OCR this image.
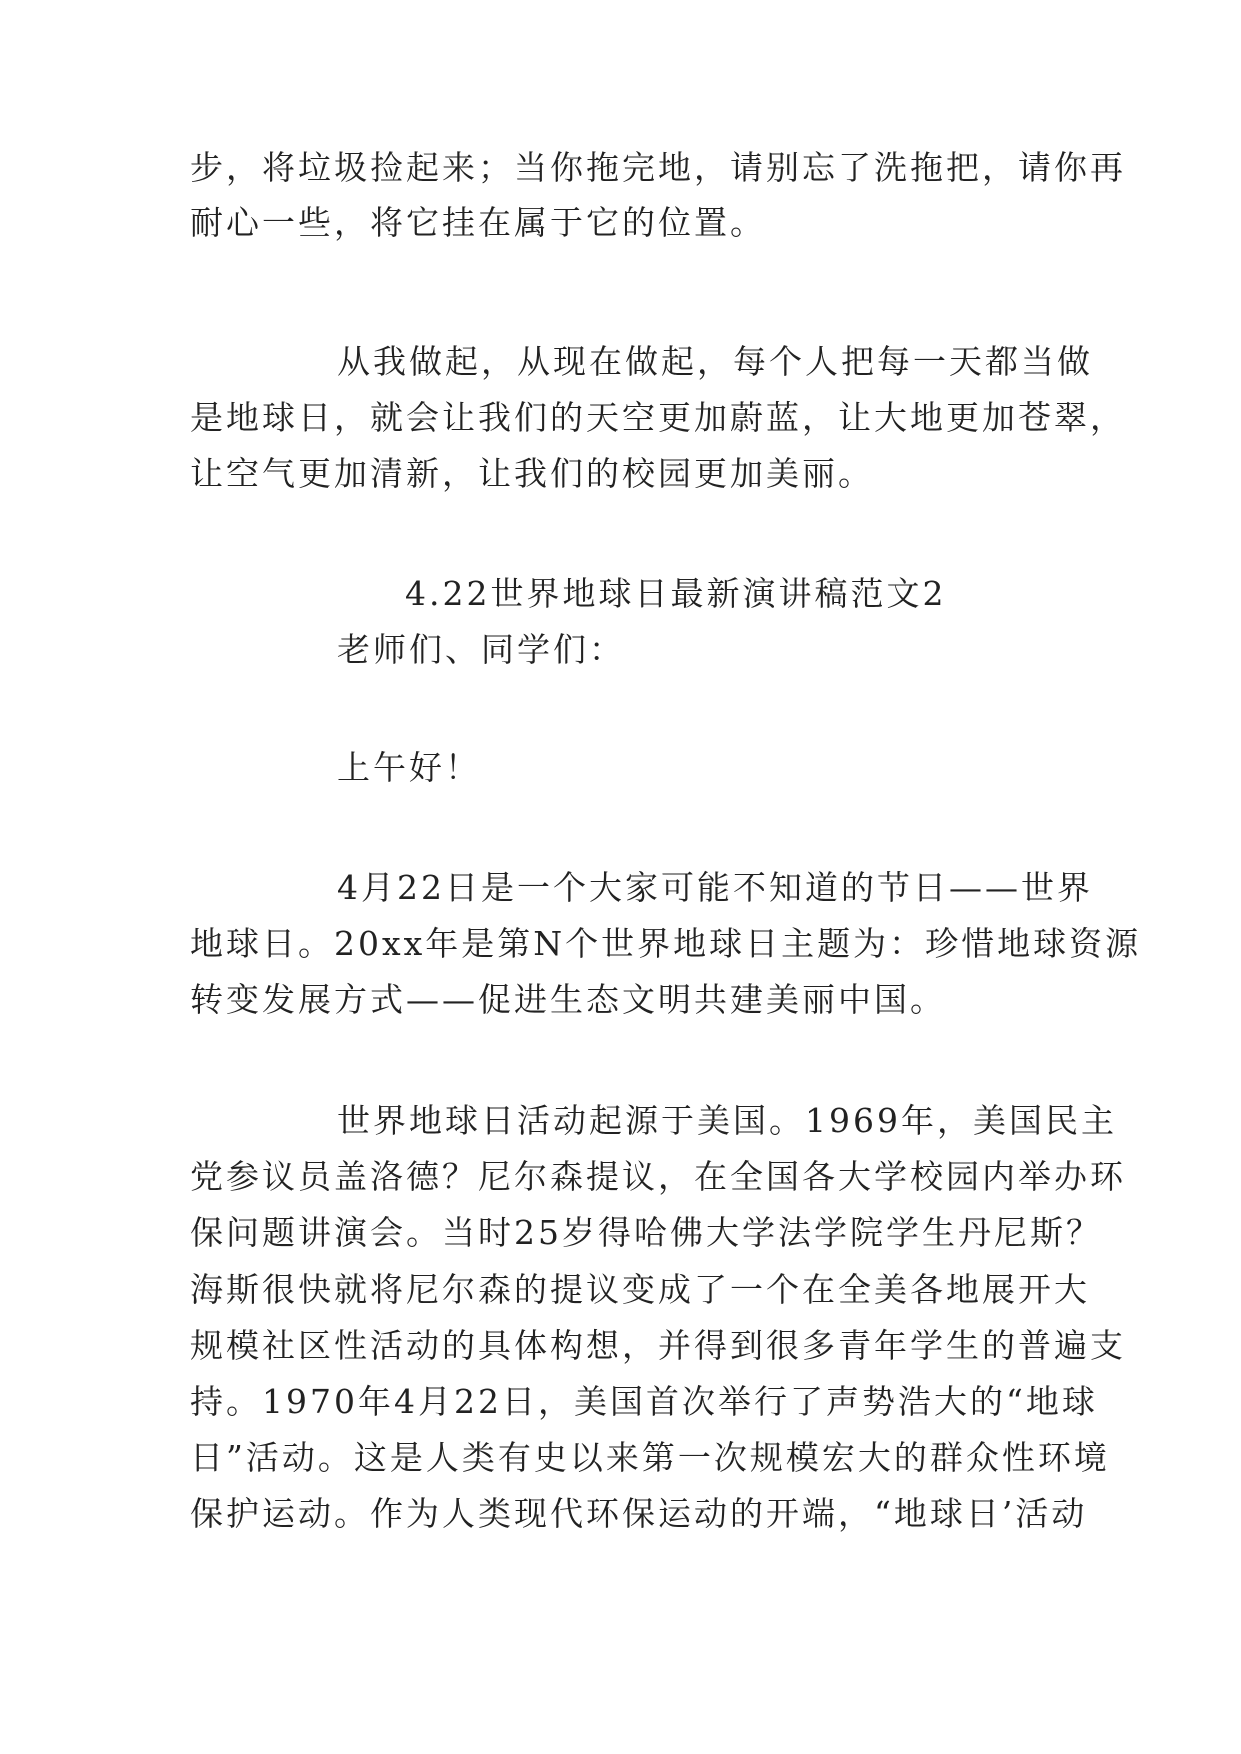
步，将垃圾捡起来；当你拖完地，请别忘了洗拖把，请你再

耐心一些，将它挂在属于它的位置。

从我做起，从现在做起，每个人把每一天都当做

是地球日，就会让我们的天空更加蔚蓝，让大地更加苍翠，

让空气更加清新，让我们的校园更加美丽。

4.22世界地球日最新演讲稿范文2

老师们、同学们：

上午好！

4月22日是一个大家可能不知道的节日——世界

地球日。20xx年是第N个世界地球日主题为：珍惜地球资源

转变发展方式——促进生态文明共建美丽中国。

世界地球日活动起源于美国。1969年，美国民主

党参议员盖洛德？尼尔森提议，在全国各大学校园内举办环

保问题讲演会。当时25岁得哈佛大学法学院学生丹尼斯？

海斯很快就将尼尔森的提议变成了一个在全美各地展开大

规模社区性活动的具体构想，并得到很多青年学生的普遍支

持。1970年4月22日，美国首次举行了声势浩大的“地球

日”活动。这是人类有史以来第一次规模宏大的群众性环境

保护运动。作为人类现代环保运动的开端，“地球日’活动
